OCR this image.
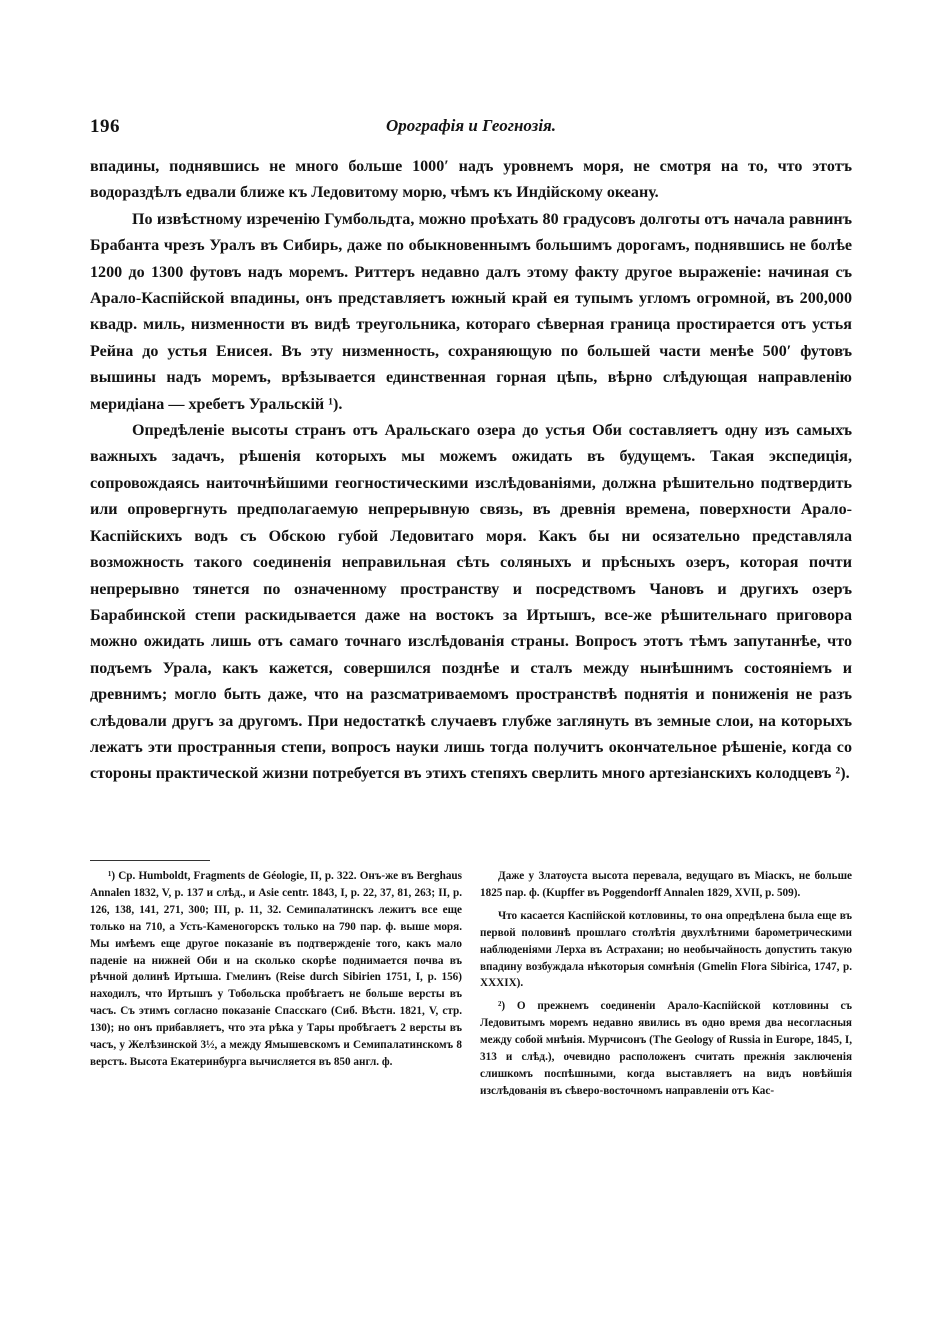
196	Орографія и Геогнозія.

впадины, поднявшись не много больше 1000′ надъ уровнемъ моря, не смотря на то, что этотъ водораздѣлъ едвали ближе къ Ледовитому морю, чѣмъ къ Индійскому океану.

По извѣстному изреченію Гумбольдта, можно проѣхать 80 градусовъ долготы отъ начала равнинъ Брабанта чрезъ Уралъ въ Сибирь, даже по обыкновеннымъ большимъ дорогамъ, поднявшись не болѣе 1200 до 1300 футовъ надъ моремъ. Риттеръ недавно далъ этому факту другое выраженіе: начиная съ Арало-Каспійской впадины, онъ представляетъ южный край ея тупымъ угломъ огромной, въ 200,000 квадр. миль, низменности въ видѣ треугольника, котораго сѣверная граница простирается отъ устья Рейна до устья Енисея. Въ эту низменность, сохраняющую по большей части менѣе 500′ футовъ вышины надъ моремъ, врѣзывается единственная горная цѣпь, вѣрно слѣдующая направленію меридіана — хребетъ Уральскій ¹).

Опредѣленіе высоты странъ отъ Аральскаго озера до устья Оби составляетъ одну изъ самыхъ важныхъ задачъ, рѣшенія которыхъ мы можемъ ожидать въ будущемъ. Такая экспедиція, сопровождаясь наиточнѣйшими геогностическими изслѣдованіями, должна рѣшительно подтвердить или опровергнуть предполагаемую непрерывную связь, въ древнія времена, поверхности Арало-Каспійскихъ водъ съ Обскою губой Ледовитаго моря. Какъ бы ни осязательно представляла возможность такого соединенія неправильная сѣть соляныхъ и прѣсныхъ озеръ, которая почти непрерывно тянется по означенному пространству и посредствомъ Чановъ и другихъ озеръ Барабинской степи раскидывается даже на востокъ за Иртышъ, все-же рѣшительнаго приговора можно ожидать лишь отъ самаго точнаго изслѣдованія страны. Вопросъ этотъ тѣмъ запутаннѣе, что подъемъ Урала, какъ кажется, совершился позднѣе и сталъ между нынѣшнимъ состояніемъ и древнимъ; могло быть даже, что на разсматриваемомъ пространствѣ поднятія и пониженія не разъ слѣдовали другъ за другомъ. При недостаткѣ случаевъ глубже заглянуть въ земные слои, на которыхъ лежатъ эти пространныя степи, вопросъ науки лишь тогда получитъ окончательное рѣшеніе, когда со стороны практической жизни потребуется въ этихъ степяхъ сверлить много артезіанскихъ колодцевъ ²).

¹) Ср. Humboldt, Fragments de Géologie, II, p. 322. Онъ-же въ Berghaus Annalen 1832, V, p. 137 и слѣд., и Asie centr. 1843, I, p. 22, 37, 81, 263; II, p. 126, 138, 141, 271, 300; III, p. 11, 32. Семипалатинскъ лежитъ все еще только на 710, а Усть-Каменогорскъ только на 790 пар. ф. выше моря. Мы имѣемъ еще другое показаніе въ подтвержденіе того, какъ мало паденіе на нижней Оби и на сколько скорѣе поднимается почва въ рѣчной долинѣ Иртыша. Гмелинъ (Reise durch Sibirien 1751, I, p. 156) находилъ, что Иртышъ у Тобольска пробѣгаетъ не больше версты въ часъ. Съ этимъ согласно показаніе Спасскаго (Сиб. Вѣстн. 1821, V, стр. 130); но онъ прибавляетъ, что эта рѣка у Тары пробѣгаетъ 2 версты въ часъ, у Желѣзинской 3½, а между Ямышевскомъ и Семипалатинскомъ 8 верстъ. Высота Екатеринбурга вычисляется въ 850 англ. ф.

Даже у Златоуста высота перевала, ведущаго въ Міаскъ, не больше 1825 пар. ф. (Kupffer въ Poggendorff Annalen 1829, XVII, p. 509).

Что касается Каспійской котловины, то она опредѣлена была еще въ первой половинѣ прошлаго столѣтія двухлѣтними барометрическими наблюденіями Лерха въ Астрахани; но необычайность допустить такую впадину возбуждала нѣкоторыя сомнѣнія (Gmelin Flora Sibirica, 1747, p. XXXIX).

²) О прежнемъ соединеніи Арало-Каспійской котловины съ Ледовитымъ моремъ недавно явились въ одно время два несогласныя между собой мнѣнія. Мурчисонъ (The Geology of Russia in Europe, 1845, I, 313 и слѣд.), очевидно расположенъ считать прежнія заключенія слишкомъ поспѣшными, когда выставляетъ на видъ новѣйшія изслѣдованія въ сѣверо-восточномъ направленіи отъ Кас-
